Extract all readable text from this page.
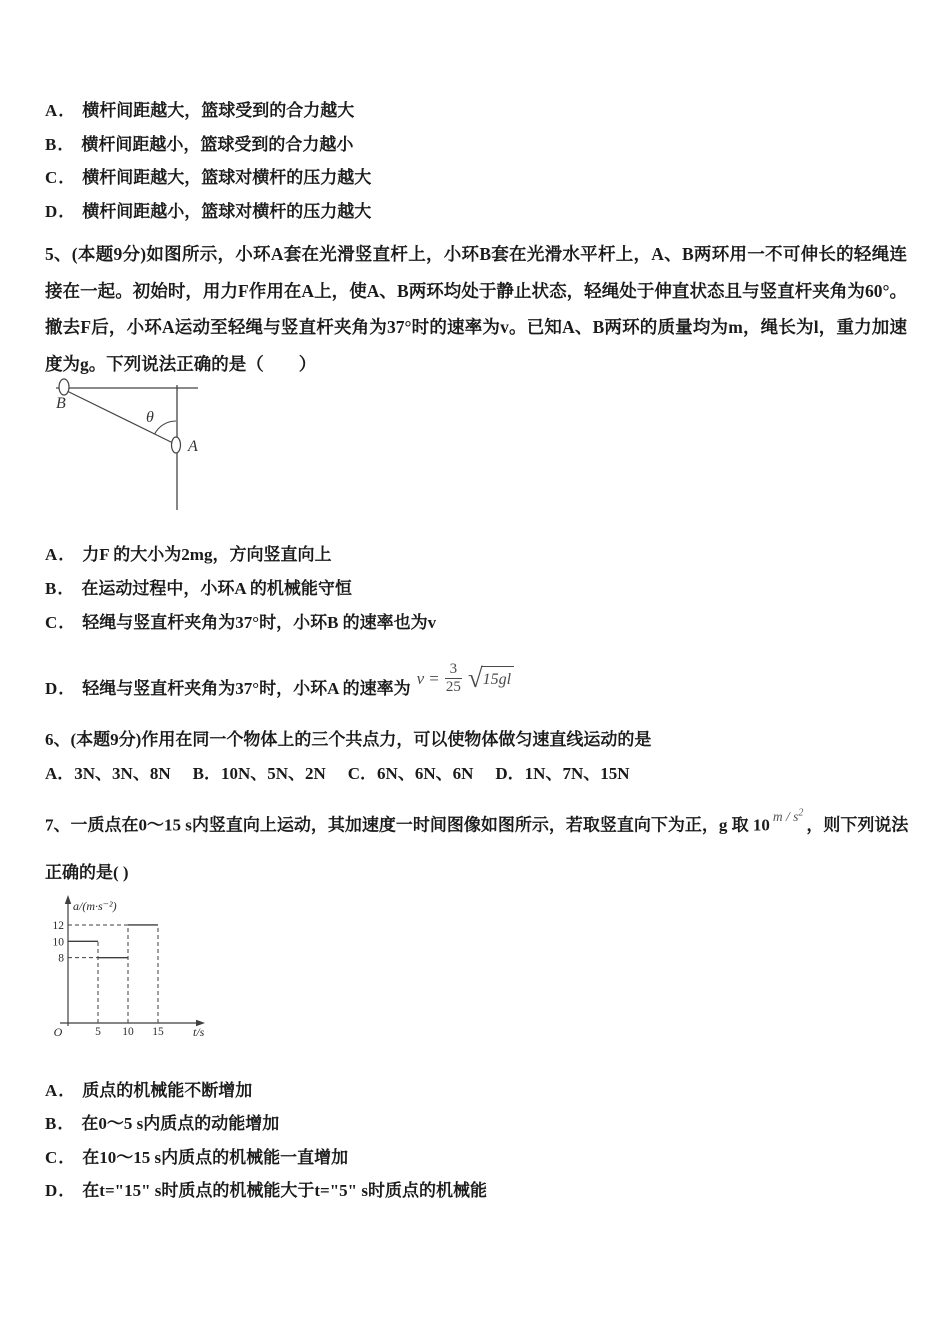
A． 横杆间距越大，篮球受到的合力越大
B． 横杆间距越小，篮球受到的合力越小
C． 横杆间距越大，篮球对横杆的压力越大
D． 横杆间距越小，篮球对横杆的压力越大
5、(本题9分)如图所示，小环A套在光滑竖直杆上，小环B套在光滑水平杆上，A、B两环用一不可伸长的轻绳连接在一起。初始时，用力F作用在A上，使A、B两环均处于静止状态，轻绳处于伸直状态且与竖直杆夹角为60°。撤去F后，小环A运动至轻绳与竖直杆夹角为37°时的速率为v。已知A、B两环的质量均为m，绳长为l，重力加速度为g。下列说法正确的是（　　）
B
A
θ
A． 力F 的大小为2mg，方向竖直向上
B． 在运动过程中，小环A 的机械能守恒
C． 轻绳与竖直杆夹角为37°时，小环B 的速率也为v
D． 轻绳与竖直杆夹角为37°时，小环A 的速率为
$v = \frac{3}{25}$ √ 15gl
6、(本题9分)作用在同一个物体上的三个共点力，可以使物体做匀速直线运动的是
A．3N、3N、8N B．10N、5N、2N C．6N、6N、6N D．1N、7N、15N
7、一质点在0～15 s内竖直向上运动，其加速度一时间图像如图所示，若取竖直向下为正，g 取 10 $^{m / s^2}$，则下列说法
正确的是( )
8
10
12
5 10 15
O
a/(m·s⁻²)
t/s
A． 质点的机械能不断增加
B． 在0～5 s内质点的动能增加
C． 在10～15 s内质点的机械能一直增加
D． 在t="15" s时质点的机械能大于t="5" s时质点的机械能
